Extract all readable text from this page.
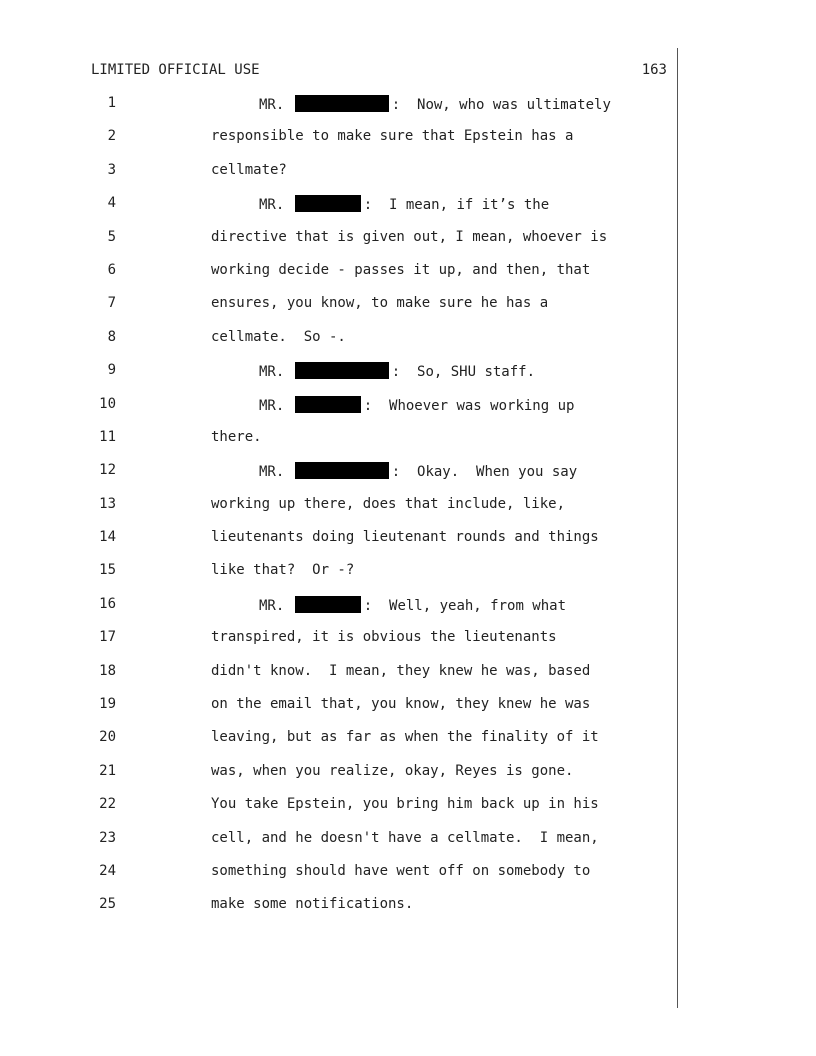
LIMITED OFFICIAL USE	163
1	MR.	:  Now, who was ultimately
2	responsible to make sure that Epstein has a
3	cellmate?
4	MR.	:  I mean, if it’s the
5	directive that is given out, I mean, whoever is
6	working decide - passes it up, and then, that
7	ensures, you know, to make sure he has a
8	cellmate.  So -.
9	MR.	:  So, SHU staff.
10	MR.	:  Whoever was working up
11	there.
12	MR.	:  Okay.  When you say
13	working up there, does that include, like,
14	lieutenants doing lieutenant rounds and things
15	like that?  Or -?
16	MR.	:  Well, yeah, from what
17	transpired, it is obvious the lieutenants
18	didn't know.  I mean, they knew he was, based
19	on the email that, you know, they knew he was
20	leaving, but as far as when the finality of it
21	was, when you realize, okay, Reyes is gone.
22	You take Epstein, you bring him back up in his
23	cell, and he doesn't have a cellmate.  I mean,
24	something should have went off on somebody to
25	make some notifications.
